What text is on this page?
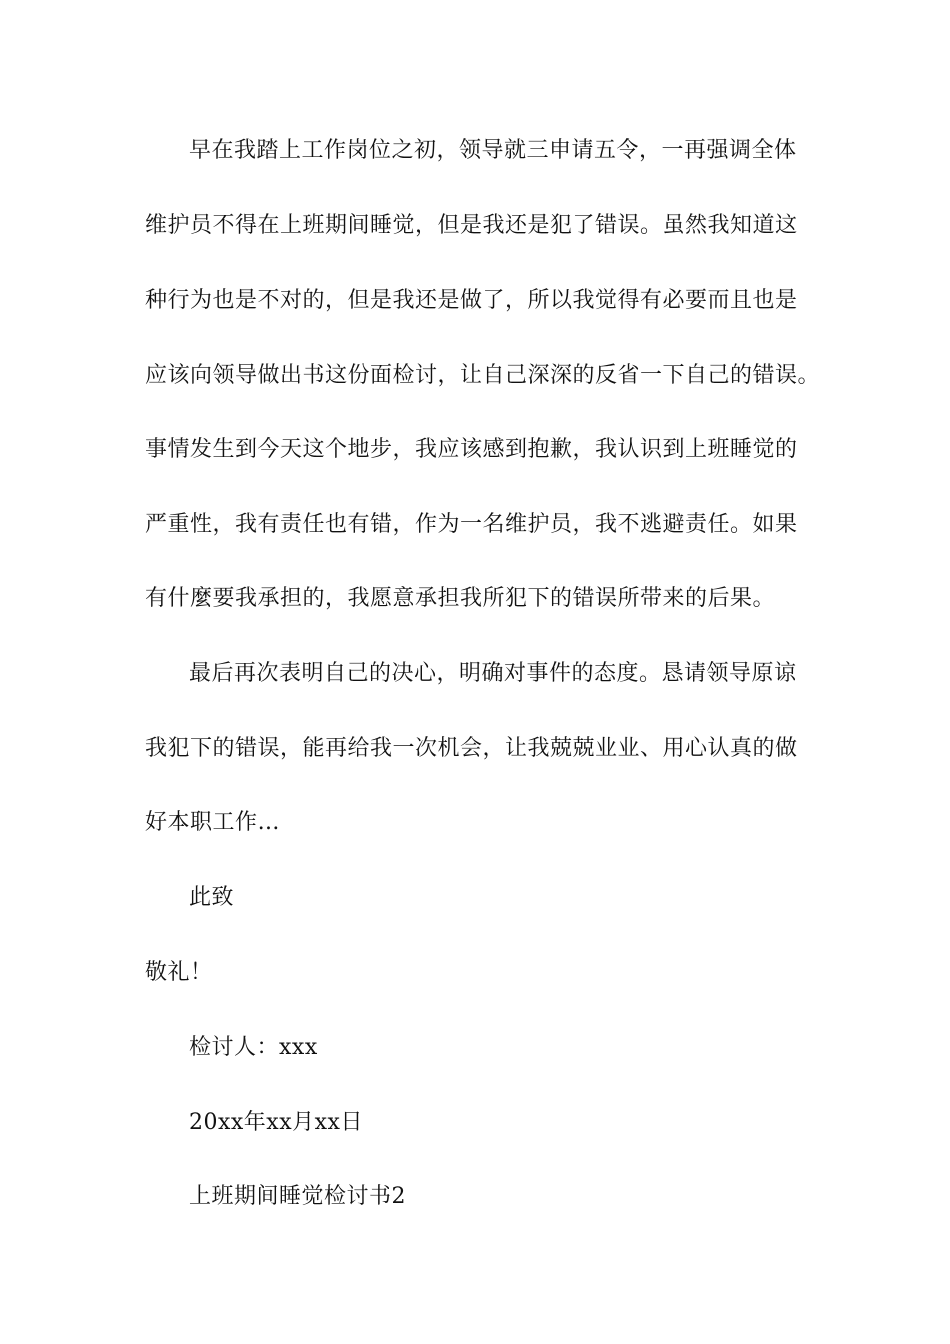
早在我踏上工作岗位之初，领导就三申请五令，一再强调全体
维护员不得在上班期间睡觉，但是我还是犯了错误。虽然我知道这
种行为也是不对的，但是我还是做了，所以我觉得有必要而且也是
应该向领导做出书这份面检讨，让自己深深的反省一下自己的错误。
事情发生到今天这个地步，我应该感到抱歉，我认识到上班睡觉的
严重性，我有责任也有错，作为一名维护员，我不逃避责任。如果
有什麼要我承担的，我愿意承担我所犯下的错误所带来的后果。
最后再次表明自己的决心，明确对事件的态度。恳请领导原谅
我犯下的错误，能再给我一次机会，让我兢兢业业、用心认真的做
好本职工作…
此致
敬礼！
检讨人：xxx
20xx年xx月xx日
上班期间睡觉检讨书2
